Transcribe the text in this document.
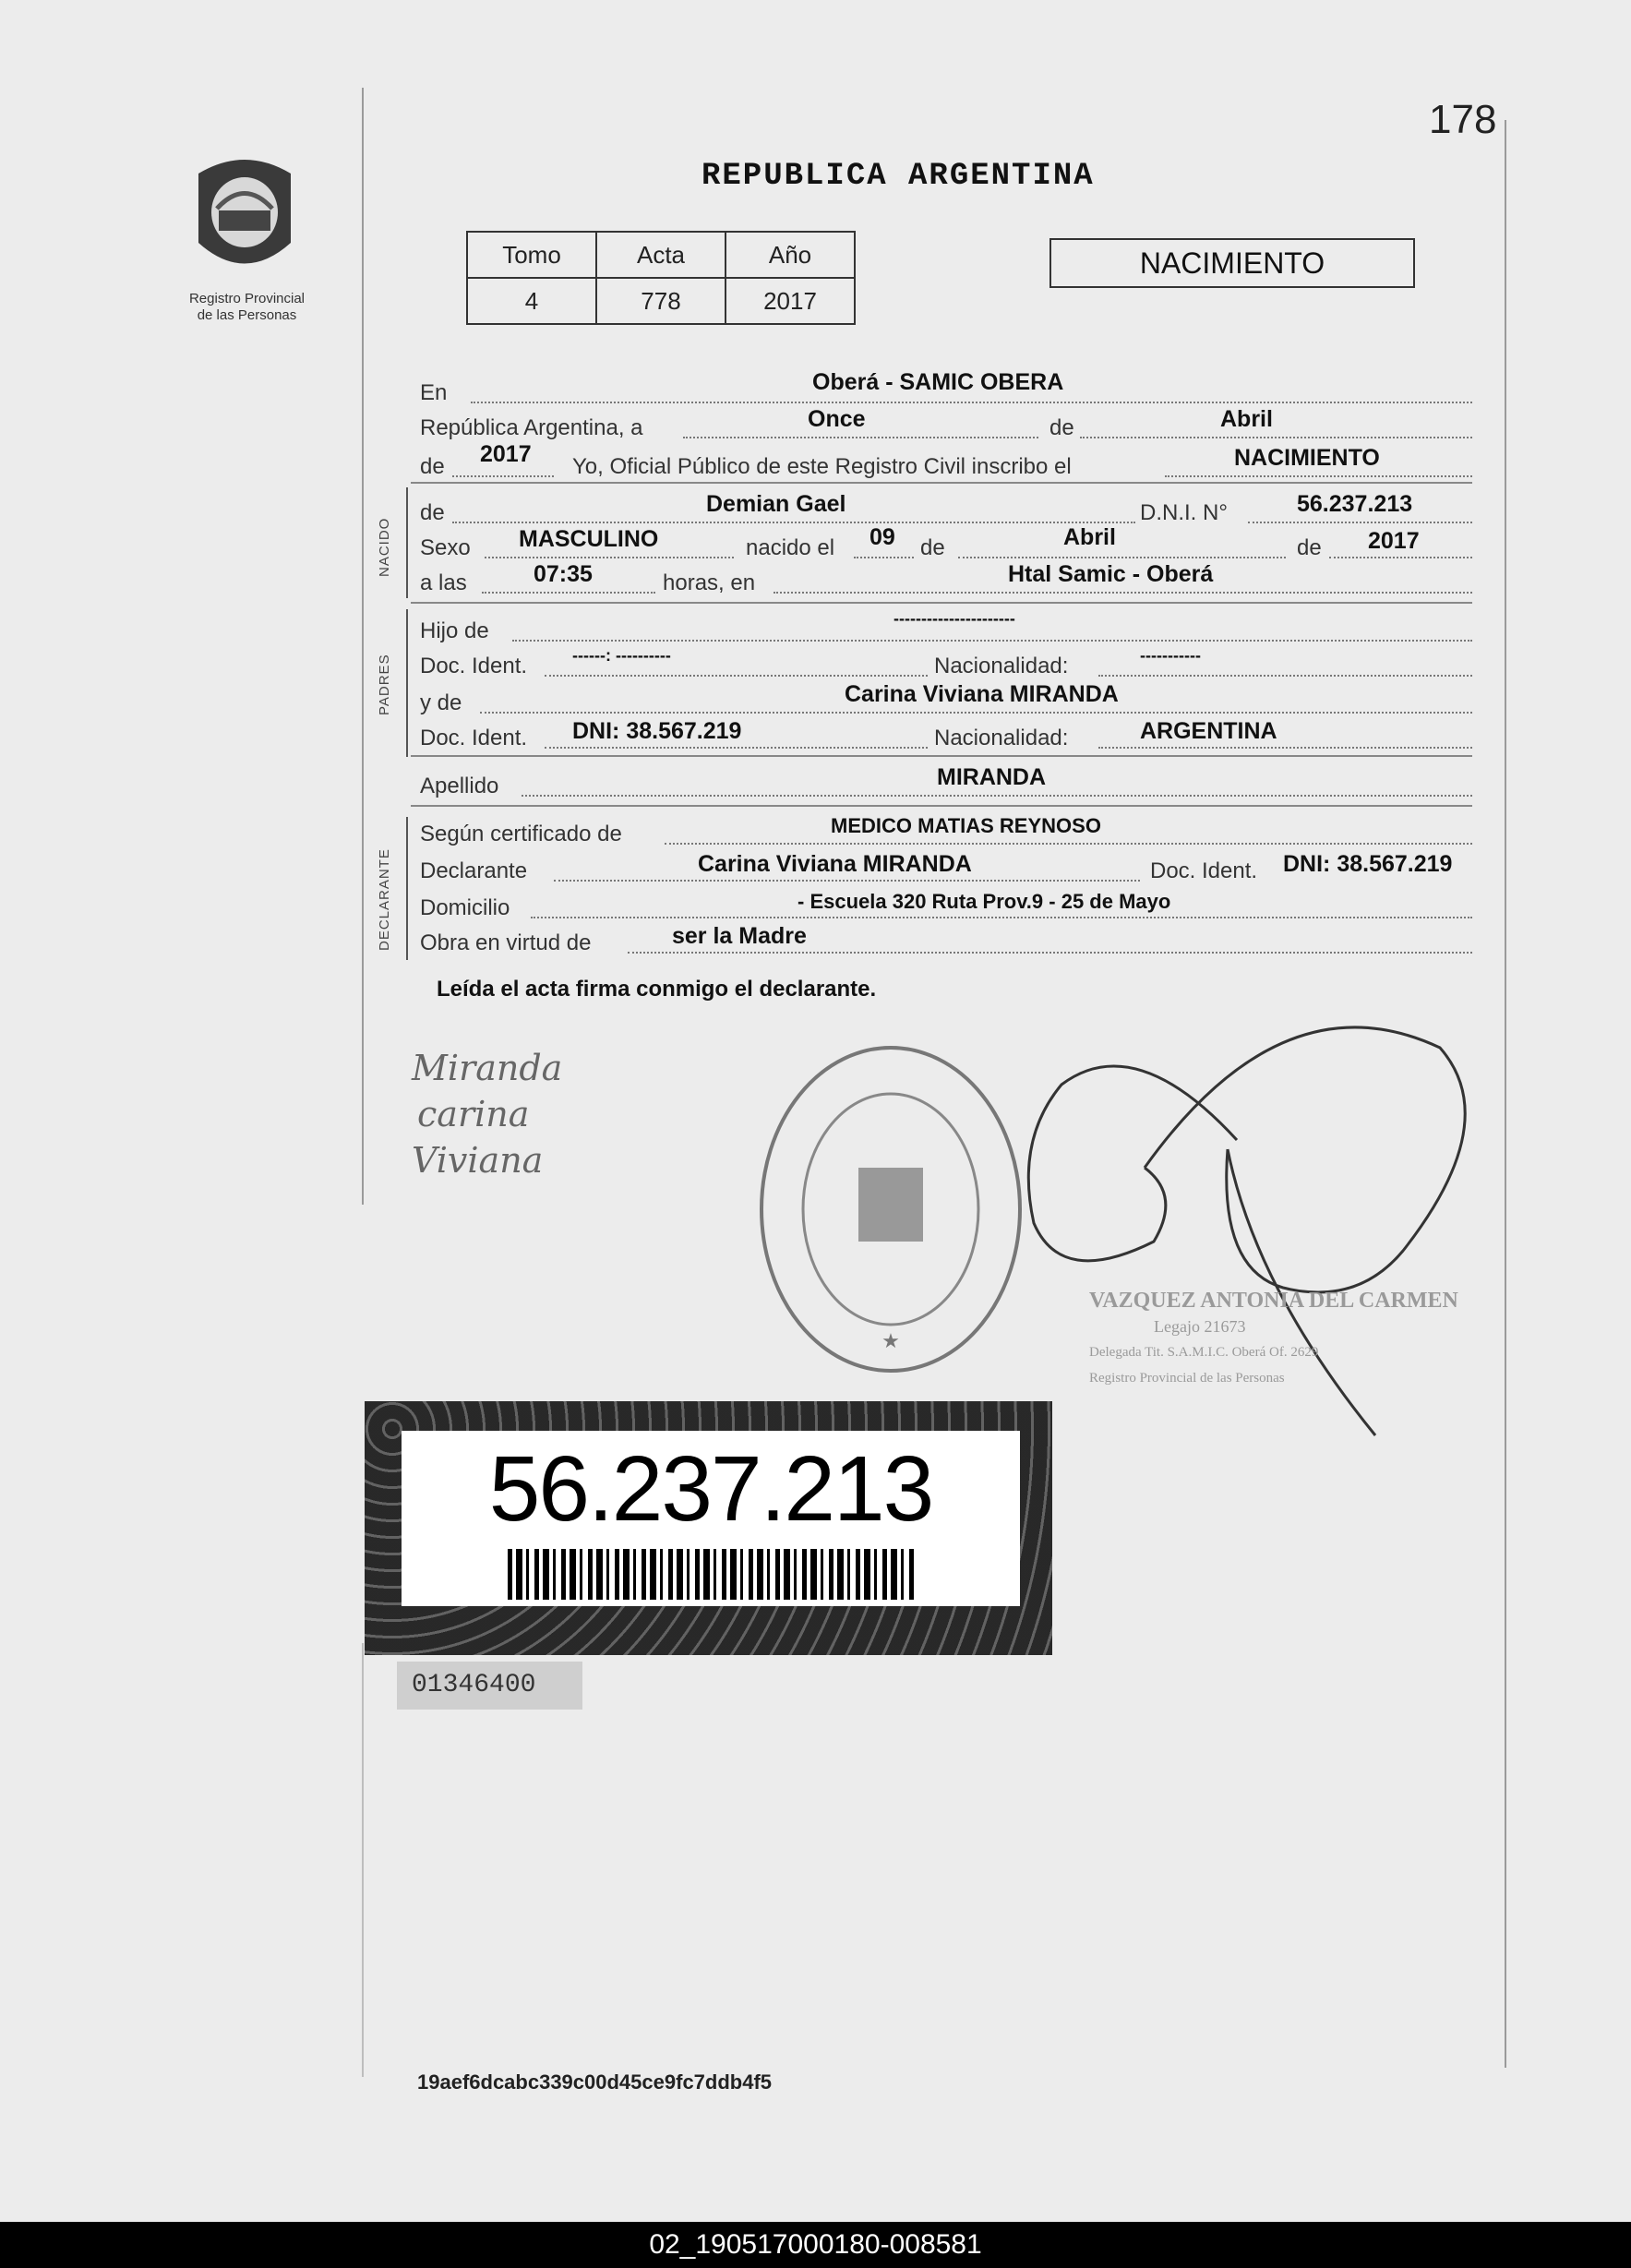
178
Registro Provincial
de las Personas
REPUBLICA ARGENTINA
Tomo	Acta	Año
4	778	2017
NACIMIENTO
En	Oberá - SAMIC OBERA
República Argentina, a	Once	de	Abril
de 2017 Yo, Oficial Público de este Registro Civil inscribo el	NACIMIENTO
NACIDO
de	Demian Gael	D.N.I. N°	56.237.213
Sexo MASCULINO	nacido el 09 de	Abril	de 2017
a las	07:35	horas, en	Htal Samic - Oberá
PADRES
Hijo de	----------------------
Doc. Ident.	------: ----------	Nacionalidad:	-----------
y de	Carina Viviana MIRANDA
Doc. Ident. DNI: 38.567.219	Nacionalidad:	ARGENTINA
Apellido	MIRANDA
DECLARANTE
Según certificado de	MEDICO MATIAS REYNOSO
Declarante	Carina Viviana MIRANDA	Doc. Ident. DNI: 38.567.219
Domicilio	- Escuela 320 Ruta Prov.9 - 25 de Mayo
Obra en virtud de	ser la Madre
Leída el acta firma conmigo el declarante.
Miranda
carina
Viviana
★
VAZQUEZ ANTONIA DEL CARMEN
Legajo 21673
Delegada Tit. S.A.M.I.C. Oberá Of. 2629
Registro Provincial de las Personas
56.237.213
01346400
19aef6dcabc339c00d45ce9fc7ddb4f5
02_190517000180-008581
